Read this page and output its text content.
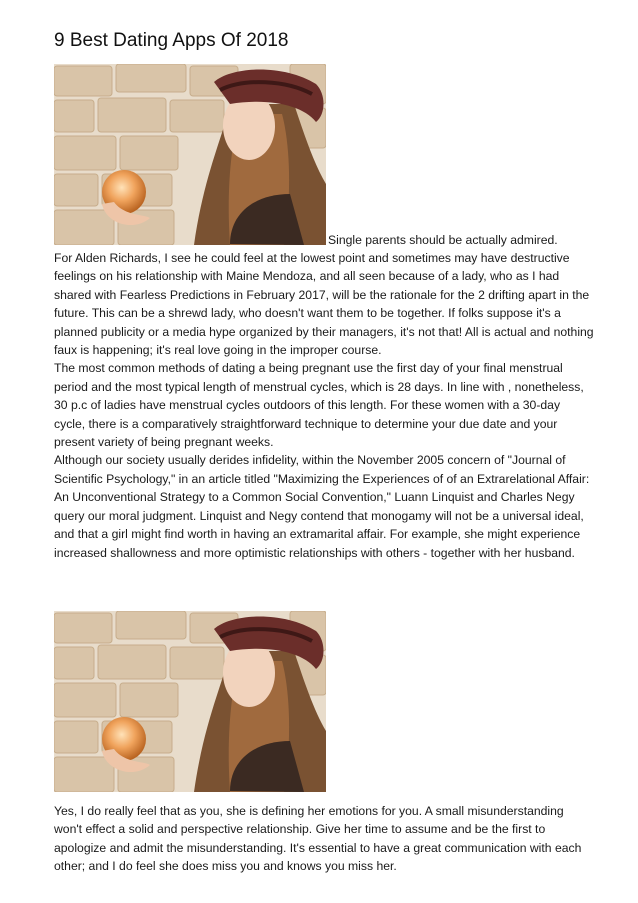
9 Best Dating Apps Of 2018
Single parents should be actually admired.
For Alden Richards, I see he could feel at the lowest point and sometimes may have destructive feelings on his relationship with Maine Mendoza, and all seen because of a lady, who as I had shared with Fearless Predictions in February 2017, will be the rationale for the 2 drifting apart in the future. This can be a shrewd lady, who doesn't want them to be together. If folks suppose it's a planned publicity or a media hype organized by their managers, it's not that! All is actual and nothing faux is happening; it's real love going in the improper course.
The most common methods of dating a being pregnant use the first day of your final menstrual period and the most typical length of menstrual cycles, which is 28 days. In line with , nonetheless, 30 p.c of ladies have menstrual cycles outdoors of this length. For these women with a 30-day cycle, there is a comparatively straightforward technique to determine your due date and your present variety of being pregnant weeks.
Although our society usually derides infidelity, within the November 2005 concern of "Journal of Scientific Psychology," in an article titled "Maximizing the Experiences of of an Extrarelational Affair: An Unconventional Strategy to a Common Social Convention," Luann Linquist and Charles Negy query our moral judgment. Linquist and Negy contend that monogamy will not be a universal ideal, and that a girl might find worth in having an extramarital affair. For example, she might experience increased shallowness and more optimistic relationships with others - together with her husband.
Yes, I do really feel that as you, she is defining her emotions for you. A small misunderstanding won't effect a solid and perspective relationship. Give her time to assume and be the first to apologize and admit the misunderstanding. It's essential to have a great communication with each other; and I do feel she does miss you and knows you miss her.
